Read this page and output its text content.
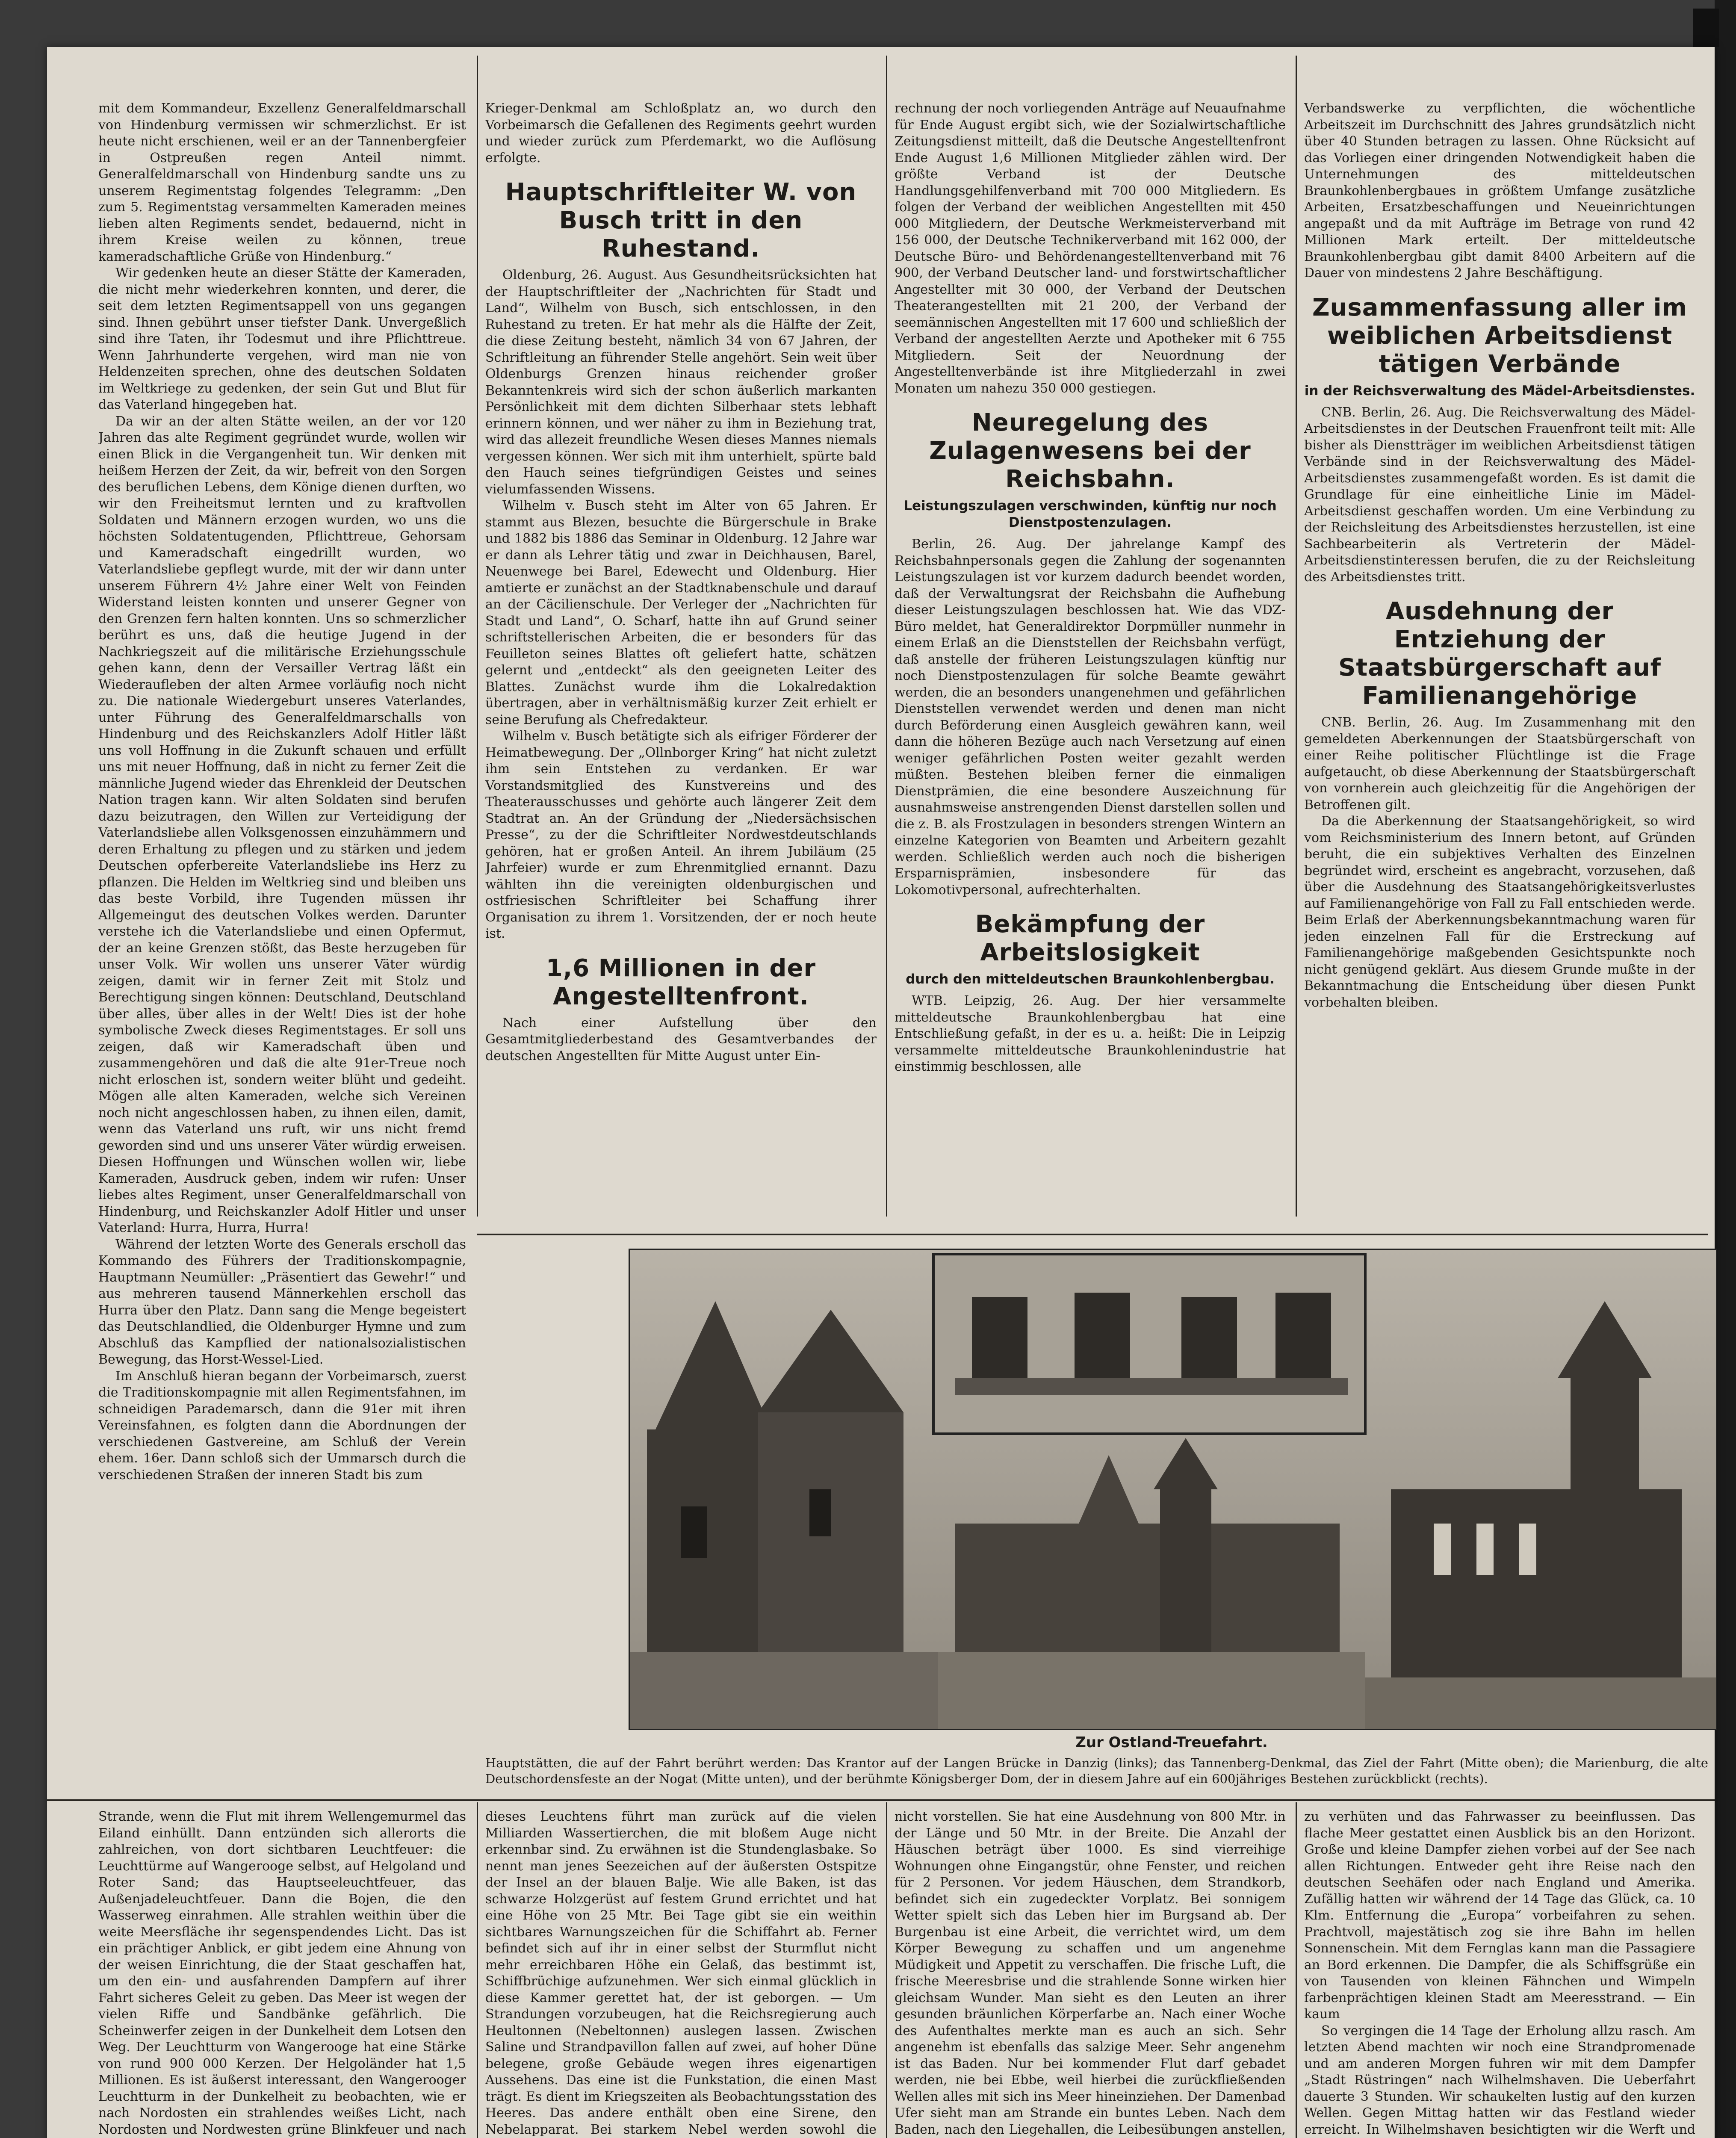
mit dem Kommandeur, Exzellenz Generalfeldmarschall von Hindenburg vermissen wir schmerzlichst. Er ist heute nicht erschienen, weil er an der Tannenbergfeier in Ostpreußen regen Anteil nimmt. Generalfeldmarschall von Hindenburg sandte uns zu unserem Regimentstag folgendes Telegramm: „Den zum 5. Regimentstag versammelten Kameraden meines lieben alten Regiments sendet, bedauernd, nicht in ihrem Kreise weilen zu können, treue kameradschaftliche Grüße von Hindenburg.“

Wir gedenken heute an dieser Stätte der Kameraden, die nicht mehr wiederkehren konnten, und derer, die seit dem letzten Regimentsappell von uns gegangen sind. Ihnen gebührt unser tiefster Dank. Unvergeßlich sind ihre Taten, ihr Todesmut und ihre Pflichttreue. Wenn Jahrhunderte vergehen, wird man nie von Heldenzeiten sprechen, ohne des deutschen Soldaten im Weltkriege zu gedenken, der sein Gut und Blut für das Vaterland hingegeben hat.

Da wir an der alten Stätte weilen, an der vor 120 Jahren das alte Regiment gegründet wurde, wollen wir einen Blick in die Vergangenheit tun. Wir denken mit heißem Herzen der Zeit, da wir, befreit von den Sorgen des beruflichen Lebens, dem Könige dienen durften, wo wir den Freiheitsmut lernten und zu kraftvollen Soldaten und Männern erzogen wurden, wo uns die höchsten Soldatentugenden, Pflichttreue, Gehorsam und Kameradschaft eingedrillt wurden, wo Vaterlandsliebe gepflegt wurde, mit der wir dann unter unserem Führern 4½ Jahre einer Welt von Feinden Widerstand leisten konnten und unserer Gegner von den Grenzen fern halten konnten. Uns so schmerzlicher berührt es uns, daß die heutige Jugend in der Nachkriegszeit auf die militärische Erziehungsschule gehen kann, denn der Versailler Vertrag läßt ein Wiederaufleben der alten Armee vorläufig noch nicht zu. Die nationale Wiedergeburt unseres Vaterlandes, unter Führung des Generalfeldmarschalls von Hindenburg und des Reichskanzlers Adolf Hitler läßt uns voll Hoffnung in die Zukunft schauen und erfüllt uns mit neuer Hoffnung, daß in nicht zu ferner Zeit die männliche Jugend wieder das Ehrenkleid der Deutschen Nation tragen kann. Wir alten Soldaten sind berufen dazu beizutragen, den Willen zur Verteidigung der Vaterlandsliebe allen Volksgenossen einzuhämmern und deren Erhaltung zu pflegen und zu stärken und jedem Deutschen opferbereite Vaterlandsliebe ins Herz zu pflanzen. Die Helden im Weltkrieg sind und bleiben uns das beste Vorbild, ihre Tugenden müssen ihr Allgemeingut des deutschen Volkes werden. Darunter verstehe ich die Vaterlandsliebe und einen Opfermut, der an keine Grenzen stößt, das Beste herzugeben für unser Volk. Wir wollen uns unserer Väter würdig zeigen, damit wir in ferner Zeit mit Stolz und Berechtigung singen können: Deutschland, Deutschland über alles, über alles in der Welt! Dies ist der hohe symbolische Zweck dieses Regimentstages. Er soll uns zeigen, daß wir Kameradschaft üben und zusammengehören und daß die alte 91er-Treue noch nicht erloschen ist, sondern weiter blüht und gedeiht. Mögen alle alten Kameraden, welche sich Vereinen noch nicht angeschlossen haben, zu ihnen eilen, damit, wenn das Vaterland uns ruft, wir uns nicht fremd geworden sind und uns unserer Väter würdig erweisen. Diesen Hoffnungen und Wünschen wollen wir, liebe Kameraden, Ausdruck geben, indem wir rufen: Unser liebes altes Regiment, unser Generalfeldmarschall von Hindenburg, und Reichskanzler Adolf Hitler und unser Vaterland: Hurra, Hurra, Hurra!

Während der letzten Worte des Generals erscholl das Kommando des Führers der Traditionskompagnie, Hauptmann Neumüller: „Präsentiert das Gewehr!“ und aus mehreren tausend Männerkehlen erscholl das Hurra über den Platz. Dann sang die Menge begeistert das Deutschlandlied, die Oldenburger Hymne und zum Abschluß das Kampflied der nationalsozialistischen Bewegung, das Horst-Wessel-Lied.

Im Anschluß hieran begann der Vorbeimarsch, zuerst die Traditionskompagnie mit allen Regimentsfahnen, im schneidigen Parademarsch, dann die 91er mit ihren Vereinsfahnen, es folgten dann die Abordnungen der verschiedenen Gastvereine, am Schluß der Verein ehem. 16er. Dann schloß sich der Ummarsch durch die verschiedenen Straßen der inneren Stadt bis zum

Krieger-Denkmal am Schloßplatz an, wo durch den Vorbeimarsch die Gefallenen des Regiments geehrt wurden und wieder zurück zum Pferdemarkt, wo die Auflösung erfolgte.

Hauptschriftleiter W. von Busch tritt in den Ruhestand.

Oldenburg, 26. August. Aus Gesundheitsrücksichten hat der Hauptschriftleiter der „Nachrichten für Stadt und Land“, Wilhelm von Busch, sich entschlossen, in den Ruhestand zu treten. Er hat mehr als die Hälfte der Zeit, die diese Zeitung besteht, nämlich 34 von 67 Jahren, der Schriftleitung an führender Stelle angehört. Sein weit über Oldenburgs Grenzen hinaus reichender großer Bekanntenkreis wird sich der schon äußerlich markanten Persönlichkeit mit dem dichten Silberhaar stets lebhaft erinnern können, und wer näher zu ihm in Beziehung trat, wird das allezeit freundliche Wesen dieses Mannes niemals vergessen können. Wer sich mit ihm unterhielt, spürte bald den Hauch seines tiefgründigen Geistes und seines vielumfassenden Wissens.

Wilhelm v. Busch steht im Alter von 65 Jahren. Er stammt aus Blezen, besuchte die Bürgerschule in Brake und 1882 bis 1886 das Seminar in Oldenburg. 12 Jahre war er dann als Lehrer tätig und zwar in Deichhausen, Barel, Neuenwege bei Barel, Edewecht und Oldenburg. Hier amtierte er zunächst an der Stadtknabenschule und darauf an der Cäcilienschule. Der Verleger der „Nachrichten für Stadt und Land“, O. Scharf, hatte ihn auf Grund seiner schriftstellerischen Arbeiten, die er besonders für das Feuilleton seines Blattes oft geliefert hatte, schätzen gelernt und „entdeckt“ als den geeigneten Leiter des Blattes. Zunächst wurde ihm die Lokalredaktion übertragen, aber in verhältnismäßig kurzer Zeit erhielt er seine Berufung als Chefredakteur.

Wilhelm v. Busch betätigte sich als eifriger Förderer der Heimatbewegung. Der „Ollnborger Kring“ hat nicht zuletzt ihm sein Entstehen zu verdanken. Er war Vorstandsmitglied des Kunstvereins und des Theaterausschusses und gehörte auch längerer Zeit dem Stadtrat an. An der Gründung der „Niedersächsischen Presse“, zu der die Schriftleiter Nordwestdeutschlands gehören, hat er großen Anteil. An ihrem Jubiläum (25 Jahrfeier) wurde er zum Ehrenmitglied ernannt. Dazu wählten ihn die vereinigten oldenburgischen und ostfriesischen Schriftleiter bei Schaffung ihrer Organisation zu ihrem 1. Vorsitzenden, der er noch heute ist.

1,6 Millionen in der Angestelltenfront.

Nach einer Aufstellung über den Gesamtmitgliederbestand des Gesamtverbandes der deutschen Angestellten für Mitte August unter Ein-

rechnung der noch vorliegenden Anträge auf Neuaufnahme für Ende August ergibt sich, wie der Sozialwirtschaftliche Zeitungsdienst mitteilt, daß die Deutsche Angestelltenfront Ende August 1,6 Millionen Mitglieder zählen wird. Der größte Verband ist der Deutsche Handlungsgehilfenverband mit 700 000 Mitgliedern. Es folgen der Verband der weiblichen Angestellten mit 450 000 Mitgliedern, der Deutsche Werkmeisterverband mit 156 000, der Deutsche Technikerverband mit 162 000, der Deutsche Büro- und Behördenangestelltenverband mit 76 900, der Verband Deutscher land- und forstwirtschaftlicher Angestellter mit 30 000, der Verband der Deutschen Theaterangestellten mit 21 200, der Verband der seemännischen Angestellten mit 17 600 und schließlich der Verband der angestellten Aerzte und Apotheker mit 6 755 Mitgliedern. Seit der Neuordnung der Angestelltenverbände ist ihre Mitgliederzahl in zwei Monaten um nahezu 350 000 gestiegen.

Neuregelung des Zulagenwesens bei der Reichsbahn.
Leistungszulagen verschwinden, künftig nur noch Dienstpostenzulagen.

Berlin, 26. Aug. Der jahrelange Kampf des Reichsbahnpersonals gegen die Zahlung der sogenannten Leistungszulagen ist vor kurzem dadurch beendet worden, daß der Verwaltungsrat der Reichsbahn die Aufhebung dieser Leistungszulagen beschlossen hat. Wie das VDZ-Büro meldet, hat Generaldirektor Dorpmüller nunmehr in einem Erlaß an die Dienststellen der Reichsbahn verfügt, daß anstelle der früheren Leistungszulagen künftig nur noch Dienstpostenzulagen für solche Beamte gewährt werden, die an besonders unangenehmen und gefährlichen Dienststellen verwendet werden und denen man nicht durch Beförderung einen Ausgleich gewähren kann, weil dann die höheren Bezüge auch nach Versetzung auf einen weniger gefährlichen Posten weiter gezahlt werden müßten. Bestehen bleiben ferner die einmaligen Dienstprämien, die eine besondere Auszeichnung für ausnahmsweise anstrengenden Dienst darstellen sollen und die z. B. als Frostzulagen in besonders strengen Wintern an einzelne Kategorien von Beamten und Arbeitern gezahlt werden. Schließlich werden auch noch die bisherigen Ersparnisprämien, insbesondere für das Lokomotivpersonal, aufrechterhalten.

Bekämpfung der Arbeitslosigkeit
durch den mitteldeutschen Braunkohlenbergbau.

WTB. Leipzig, 26. Aug. Der hier versammelte mitteldeutsche Braunkohlenbergbau hat eine Entschließung gefaßt, in der es u. a. heißt: Die in Leipzig versammelte mitteldeutsche Braunkohlenindustrie hat einstimmig beschlossen, alle

Verbandswerke zu verpflichten, die wöchentliche Arbeitszeit im Durchschnitt des Jahres grundsätzlich nicht über 40 Stunden betragen zu lassen. Ohne Rücksicht auf das Vorliegen einer dringenden Notwendigkeit haben die Unternehmungen des mitteldeutschen Braunkohlenbergbaues in größtem Umfange zusätzliche Arbeiten, Ersatzbeschaffungen und Neueinrichtungen angepaßt und da mit Aufträge im Betrage von rund 42 Millionen Mark erteilt. Der mitteldeutsche Braunkohlenbergbau gibt damit 8400 Arbeitern auf die Dauer von mindestens 2 Jahre Beschäftigung.

Zusammenfassung aller im weiblichen Arbeitsdienst tätigen Verbände
in der Reichsverwaltung des Mädel-Arbeitsdienstes.

CNB. Berlin, 26. Aug. Die Reichsverwaltung des Mädel-Arbeitsdienstes in der Deutschen Frauenfront teilt mit: Alle bisher als Dienstträger im weiblichen Arbeitsdienst tätigen Verbände sind in der Reichsverwaltung des Mädel-Arbeitsdienstes zusammengefaßt worden. Es ist damit die Grundlage für eine einheitliche Linie im Mädel-Arbeitsdienst geschaffen worden. Um eine Verbindung zu der Reichsleitung des Arbeitsdienstes herzustellen, ist eine Sachbearbeiterin als Vertreterin der Mädel-Arbeitsdienstinteressen berufen, die zu der Reichsleitung des Arbeitsdienstes tritt.

Ausdehnung der Entziehung der Staatsbürgerschaft auf Familienangehörige

CNB. Berlin, 26. Aug. Im Zusammenhang mit den gemeldeten Aberkennungen der Staatsbürgerschaft von einer Reihe politischer Flüchtlinge ist die Frage aufgetaucht, ob diese Aberkennung der Staatsbürgerschaft von vornherein auch gleichzeitig für die Angehörigen der Betroffenen gilt.

Da die Aberkennung der Staatsangehörigkeit, so wird vom Reichsministerium des Innern betont, auf Gründen beruht, die ein subjektives Verhalten des Einzelnen begründet wird, erscheint es angebracht, vorzusehen, daß über die Ausdehnung des Staatsangehörigkeitsverlustes auf Familienangehörige von Fall zu Fall entschieden werde. Beim Erlaß der Aberkennungsbekanntmachung waren für jeden einzelnen Fall für die Erstreckung auf Familienangehörige maßgebenden Gesichtspunkte noch nicht genügend geklärt. Aus diesem Grunde mußte in der Bekanntmachung die Entscheidung über diesen Punkt vorbehalten bleiben.

Zur Ostland-Treuefahrt.
Hauptstätten, die auf der Fahrt berührt werden: Das Krantor auf der Langen Brücke in Danzig (links); das Tannenberg-Denkmal, das Ziel der Fahrt (Mitte oben); die Marienburg, die alte Deutschordensfeste an der Nogat (Mitte unten), und der berühmte Königsberger Dom, der in diesem Jahre auf ein 600jähriges Bestehen zurückblickt (rechts).

Strande, wenn die Flut mit ihrem Wellengemurmel das Eiland einhüllt. Dann entzünden sich allerorts die zahlreichen, von dort sichtbaren Leuchtfeuer: die Leuchttürme auf Wangerooge selbst, auf Helgoland und Roter Sand; das Hauptseeleuchtfeuer, das Außenjadeleuchtfeuer. Dann die Bojen, die den Wasserweg einrahmen. Alle strahlen weithin über die weite Meersfläche ihr segenspendendes Licht. Das ist ein prächtiger Anblick, er gibt jedem eine Ahnung von der weisen Einrichtung, die der Staat geschaffen hat, um den ein- und ausfahrenden Dampfern auf ihrer Fahrt sicheres Geleit zu geben. Das Meer ist wegen der vielen Riffe und Sandbänke gefährlich. Die Scheinwerfer zeigen in der Dunkelheit dem Lotsen den Weg. Der Leuchtturm von Wangerooge hat eine Stärke von rund 900 000 Kerzen. Der Helgoländer hat 1,5 Millionen. Es ist äußerst interessant, den Wangerooger Leuchtturm in der Dunkelheit zu beobachten, wie er nach Nordosten ein strahlendes weißes Licht, nach Nordosten und Nordwesten grüne Blinkfeuer und nach

dieses Leuchtens führt man zurück auf die vielen Milliarden Wassertierchen, die mit bloßem Auge nicht erkennbar sind. Zu erwähnen ist die Stundenglasbake. So nennt man jenes Seezeichen auf der äußersten Ostspitze der Insel an der blauen Balje. Wie alle Baken, ist das schwarze Holzgerüst auf festem Grund errichtet und hat eine Höhe von 25 Mtr. Bei Tage gibt sie ein weithin sichtbares Warnungszeichen für die Schiffahrt ab. Ferner befindet sich auf ihr in einer selbst der Sturmflut nicht mehr erreichbaren Höhe ein Gelaß, das bestimmt ist, Schiffbrüchige aufzunehmen. Wer sich einmal glücklich in diese Kammer gerettet hat, der ist geborgen. — Um Strandungen vorzubeugen, hat die Reichsregierung auch Heultonnen (Nebeltonnen) auslegen lassen. Zwischen Saline und Strandpavillon fallen auf zwei, auf hoher Düne belegene, große Gebäude wegen ihres eigenartigen Aussehens. Das eine ist die Funkstation, die einen Mast trägt. Es dient im Kriegszeiten als Beobachtungsstation des Heeres. Das andere enthält oben eine Sirene, den Nebelapparat. Bei starkem Nebel werden sowohl die

nicht vorstellen. Sie hat eine Ausdehnung von 800 Mtr. in der Länge und 50 Mtr. in der Breite. Die Anzahl der Häuschen beträgt über 1000. Es sind vierreihige Wohnungen ohne Eingangstür, ohne Fenster, und reichen für 2 Personen. Vor jedem Häuschen, dem Strandkorb, befindet sich ein zugedeckter Vorplatz. Bei sonnigem Wetter spielt sich das Leben hier im Burgsand ab. Der Burgenbau ist eine Arbeit, die verrichtet wird, um dem Körper Bewegung zu schaffen und um angenehme Müdigkeit und Appetit zu verschaffen. Die frische Luft, die frische Meeresbrise und die strahlende Sonne wirken hier gleichsam Wunder. Man sieht es den Leuten an ihrer gesunden bräunlichen Körperfarbe an. Nach einer Woche des Aufenthaltes merkte man es auch an sich. Sehr angenehm ist ebenfalls das salzige Meer. Sehr angenehm ist das Baden. Nur bei kommender Flut darf gebadet werden, nie bei Ebbe, weil hierbei die zurückfließenden Wellen alles mit sich ins Meer hineinziehen. Der Damenbad Ufer sieht man am Strande ein buntes Leben. Nach dem Baden, nach den Liegehallen, die Leibesübungen anstellen,

zu verhüten und das Fahrwasser zu beeinflussen. Das flache Meer gestattet einen Ausblick bis an den Horizont. Große und kleine Dampfer ziehen vorbei auf der See nach allen Richtungen. Entweder geht ihre Reise nach den deutschen Seehäfen oder nach England und Amerika. Zufällig hatten wir während der 14 Tage das Glück, ca. 10 Klm. Entfernung die „Europa“ vorbeifahren zu sehen. Prachtvoll, majestätisch zog sie ihre Bahn im hellen Sonnenschein. Mit dem Fernglas kann man die Passagiere an Bord erkennen. Die Dampfer, die als Schiffsgrüße ein von Tausenden von kleinen Fähnchen und Wimpeln farbenprächtigen kleinen Stadt am Meeresstrand. — Ein kaum

So vergingen die 14 Tage der Erholung allzu rasch. Am letzten Abend machten wir noch eine Strandpromenade und am anderen Morgen fuhren wir mit dem Dampfer „Stadt Rüstringen“ nach Wilhelmshaven. Die Ueberfahrt dauerte 3 Stunden. Wir schaukelten lustig auf den kurzen Wellen. Gegen Mittag hatten wir das Festland wieder erreicht. In Wilhelmshaven besichtigten wir die Werft und
